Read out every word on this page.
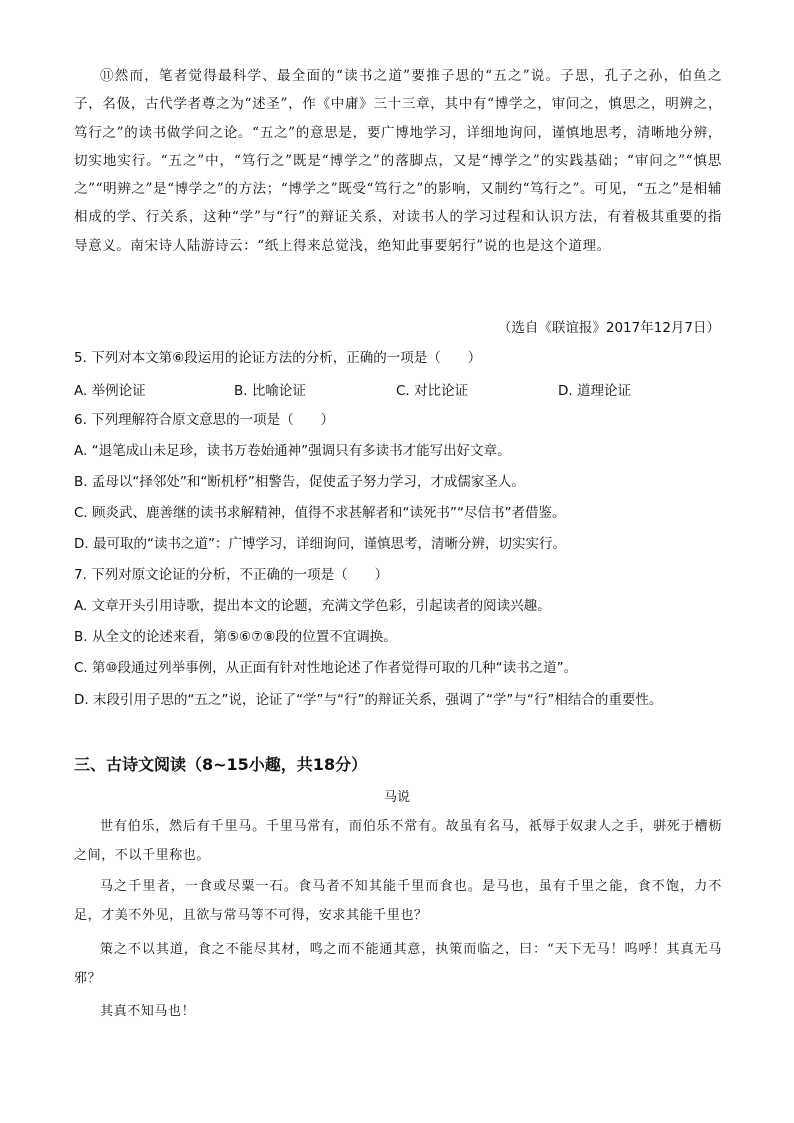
⑪然而，笔者觉得最科学、最全面的“读书之道”要推子思的“五之”说。子思，孔子之孙，伯鱼之子，名伋，古代学者尊之为“述圣”，作《中庸》三十三章，其中有“博学之，审问之，慎思之，明辨之，笃行之”的读书做学问之论。“五之”的意思是，要广博地学习，详细地询问，谨慎地思考，清晰地分辨，切实地实行。“五之”中，“笃行之”既是“博学之”的落脚点，又是“博学之”的实践基础；“审问之”“慎思之”“明辨之”是“博学之”的方法；“博学之”既受“笃行之”的影响，又制约“笃行之”。可见，“五之”是相辅相成的学、行关系，这种“学”与“行”的辩证关系，对读书人的学习过程和认识方法，有着极其重要的指导意义。南宋诗人陆游诗云：“纸上得来总觉浅，绝知此事要躬行”说的也是这个道理。
（选自《联谊报》2017年12月7日）
5. 下列对本文第⑥段运用的论证方法的分析，正确的一项是（　　）
A. 举例论证	B. 比喻论证	C. 对比论证	D. 道理论证
6. 下列理解符合原文意思的一项是（　　）
A. “退笔成山未足珍，读书万卷始通神”强调只有多读书才能写出好文章。
B. 孟母以“择邻处”和“断机杼”相警告，促使孟子努力学习，才成儒家圣人。
C. 顾炎武、鹿善继的读书求解精神，值得不求甚解者和“读死书”“尽信书”者借鉴。
D. 最可取的“读书之道”：广博学习，详细询问，谨慎思考，清晰分辨，切实实行。
7. 下列对原文论证的分析，不正确的一项是（　　）
A. 文章开头引用诗歌，提出本文的论题，充满文学色彩，引起读者的阅读兴趣。
B. 从全文的论述来看，第⑤⑥⑦⑧段的位置不宜调换。
C. 第⑩段通过列举事例，从正面有针对性地论述了作者觉得可取的几种“读书之道”。
D. 末段引用子思的“五之”说，论证了“学”与“行”的辩证关系，强调了“学”与“行”相结合的重要性。
三、古诗文阅读（8~15小趣，共18分）
马说
世有伯乐，然后有千里马。千里马常有，而伯乐不常有。故虽有名马，祇辱于奴隶人之手，骈死于槽枥之间，不以千里称也。
马之千里者，一食或尽粟一石。食马者不知其能千里而食也。是马也，虽有千里之能，食不饱，力不足，才美不外见，且欲与常马等不可得，安求其能千里也？
策之不以其道，食之不能尽其材，鸣之而不能通其意，执策而临之，曰：“天下无马！呜呼！其真无马邪？
其真不知马也！
